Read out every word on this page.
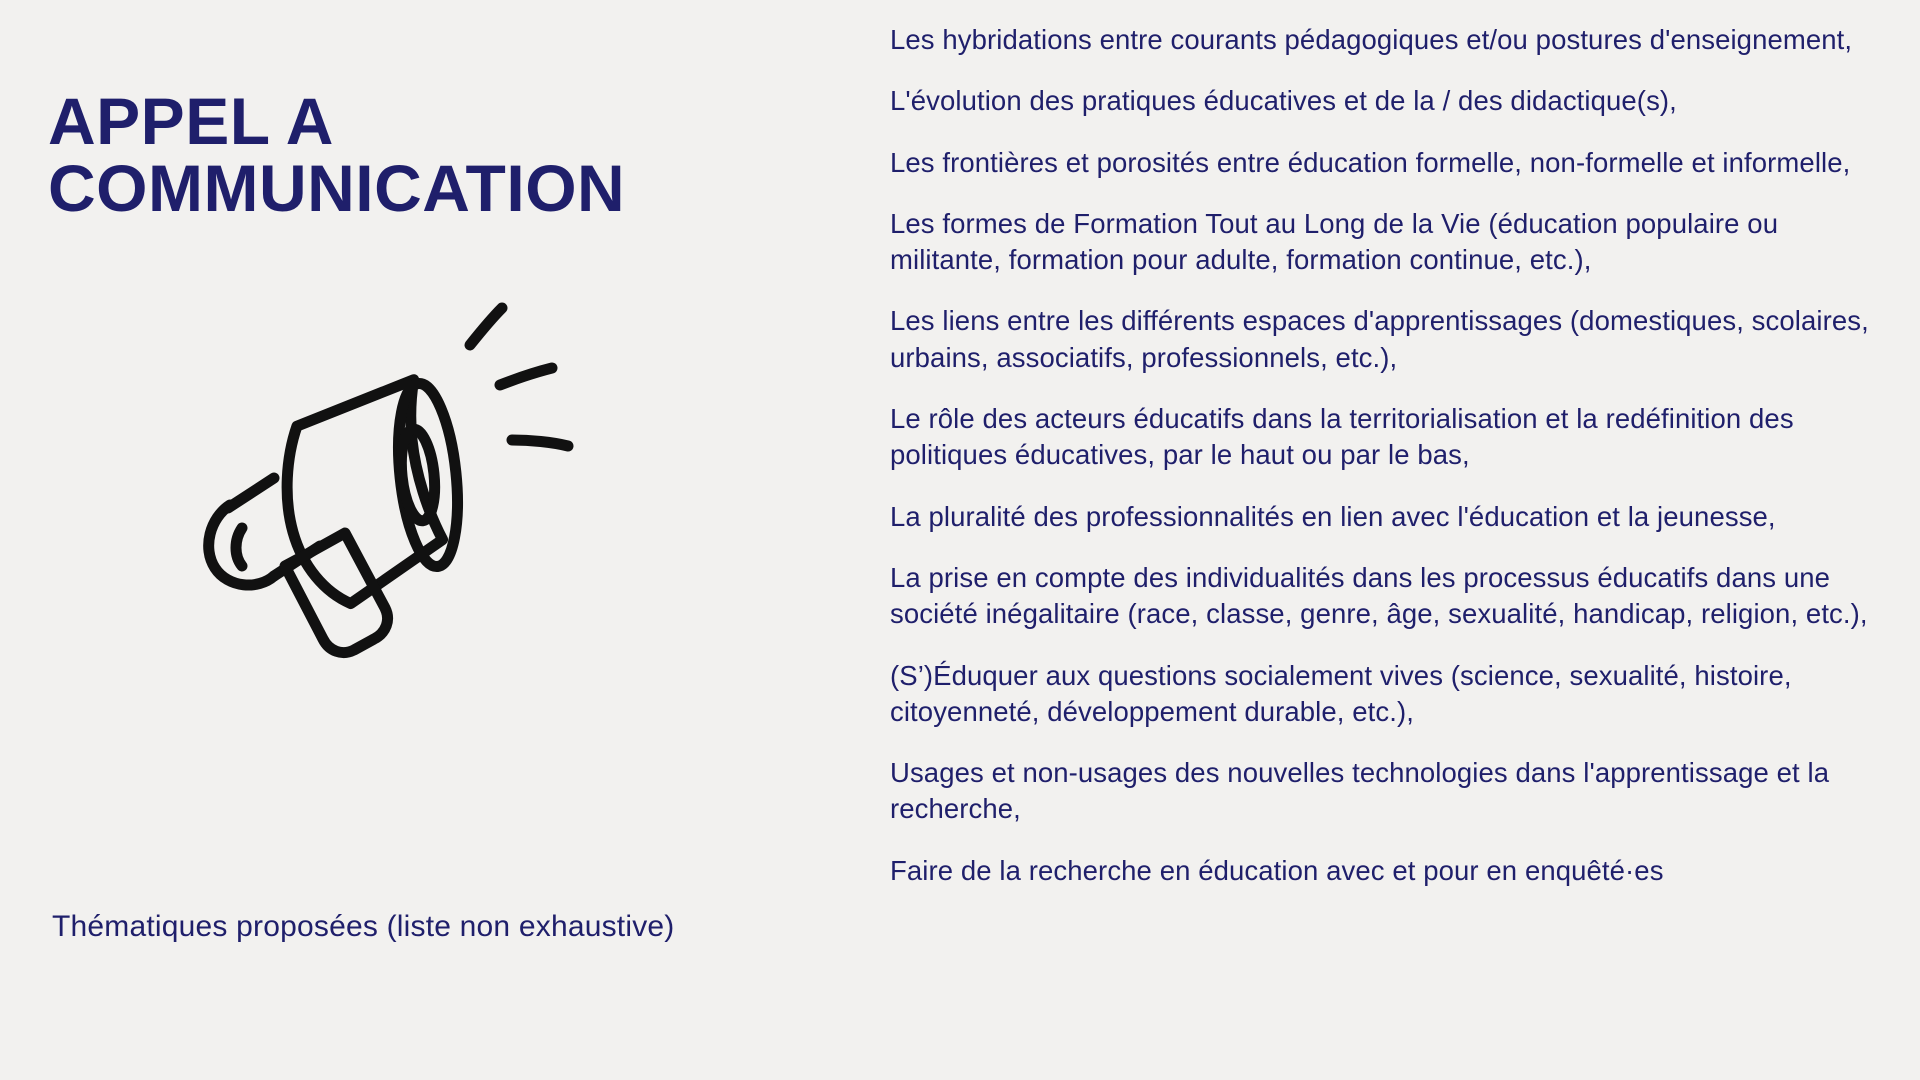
APPEL A COMMUNICATION
Thématiques proposées (liste non exhaustive)
Les hybridations entre courants pédagogiques et/ou postures d'enseignement,
L'évolution des pratiques éducatives et de la / des didactique(s),
Les frontières et porosités entre éducation formelle, non-formelle et informelle,
Les formes de Formation Tout au Long de la Vie (éducation populaire ou militante, formation pour adulte, formation continue, etc.),
Les liens entre les différents espaces d'apprentissages (domestiques, scolaires, urbains, associatifs, professionnels, etc.),
Le rôle des acteurs éducatifs dans la territorialisation et la redéfinition des politiques éducatives, par le haut ou par le bas,
La pluralité des professionnalités en lien avec l'éducation et la jeunesse,
La prise en compte des individualités dans les processus éducatifs dans une société inégalitaire (race, classe, genre, âge, sexualité, handicap, religion, etc.),
(S’)Éduquer aux questions socialement vives (science, sexualité, histoire, citoyenneté, développement durable, etc.),
Usages et non-usages des nouvelles technologies dans l'apprentissage et la recherche,
Faire de la recherche en éducation avec et pour en enquêté·es
